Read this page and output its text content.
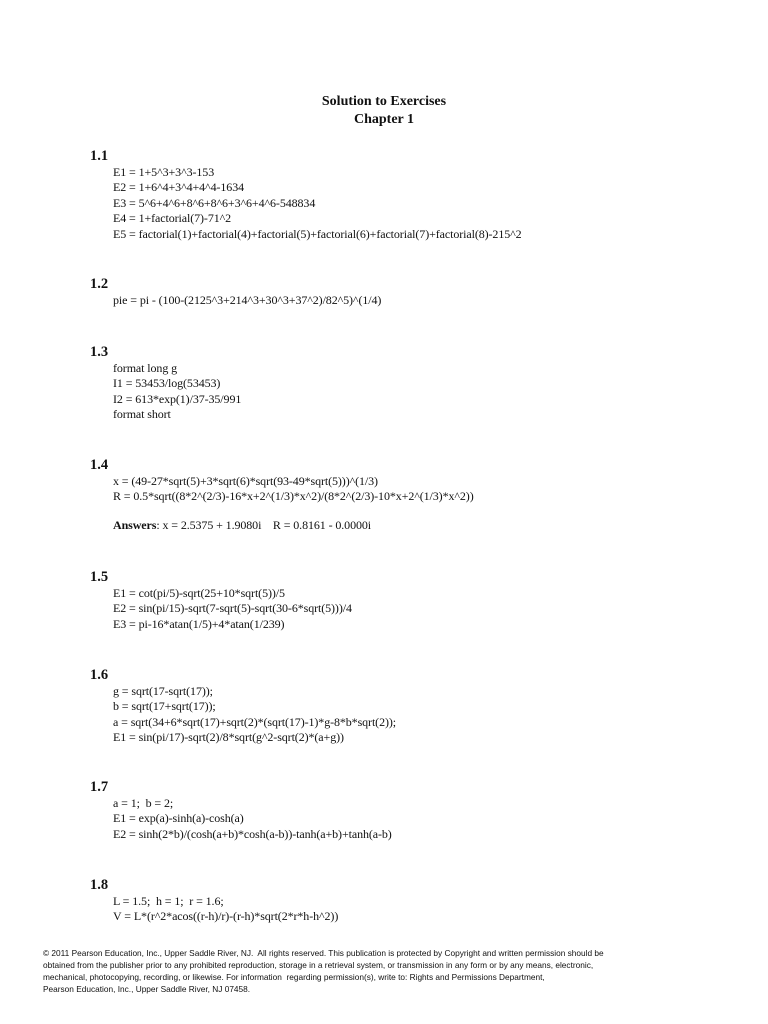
Solution to Exercises
Chapter 1
1.1
E1 = 1+5^3+3^3-153
E2 = 1+6^4+3^4+4^4-1634
E3 = 5^6+4^6+8^6+8^6+3^6+4^6-548834
E4 = 1+factorial(7)-71^2
E5 = factorial(1)+factorial(4)+factorial(5)+factorial(6)+factorial(7)+factorial(8)-215^2
1.2
pie = pi - (100-(2125^3+214^3+30^3+37^2)/82^5)^(1/4)
1.3
format long g
I1 = 53453/log(53453)
I2 = 613*exp(1)/37-35/991
format short
1.4
x = (49-27*sqrt(5)+3*sqrt(6)*sqrt(93-49*sqrt(5)))^(1/3)
R = 0.5*sqrt((8*2^(2/3)-16*x+2^(1/3)*x^2)/(8*2^(2/3)-10*x+2^(1/3)*x^2))
Answers: x = 2.5375 + 1.9080i    R = 0.8161 - 0.0000i
1.5
E1 = cot(pi/5)-sqrt(25+10*sqrt(5))/5
E2 = sin(pi/15)-sqrt(7-sqrt(5)-sqrt(30-6*sqrt(5)))/4
E3 = pi-16*atan(1/5)+4*atan(1/239)
1.6
g = sqrt(17-sqrt(17));
b = sqrt(17+sqrt(17));
a = sqrt(34+6*sqrt(17)+sqrt(2)*(sqrt(17)-1)*g-8*b*sqrt(2));
E1 = sin(pi/17)-sqrt(2)/8*sqrt(g^2-sqrt(2)*(a+g))
1.7
a = 1;  b = 2;
E1 = exp(a)-sinh(a)-cosh(a)
E2 = sinh(2*b)/(cosh(a+b)*cosh(a-b))-tanh(a+b)+tanh(a-b)
1.8
L = 1.5;  h = 1;  r = 1.6;
V = L*(r^2*acos((r-h)/r)-(r-h)*sqrt(2*r*h-h^2))
© 2011 Pearson Education, Inc., Upper Saddle River, NJ.  All rights reserved. This publication is protected by Copyright and written permission should be
obtained from the publisher prior to any prohibited reproduction, storage in a retrieval system, or transmission in any form or by any means, electronic,
mechanical, photocopying, recording, or likewise. For information  regarding permission(s), write to: Rights and Permissions Department,
Pearson Education, Inc., Upper Saddle River, NJ 07458.
